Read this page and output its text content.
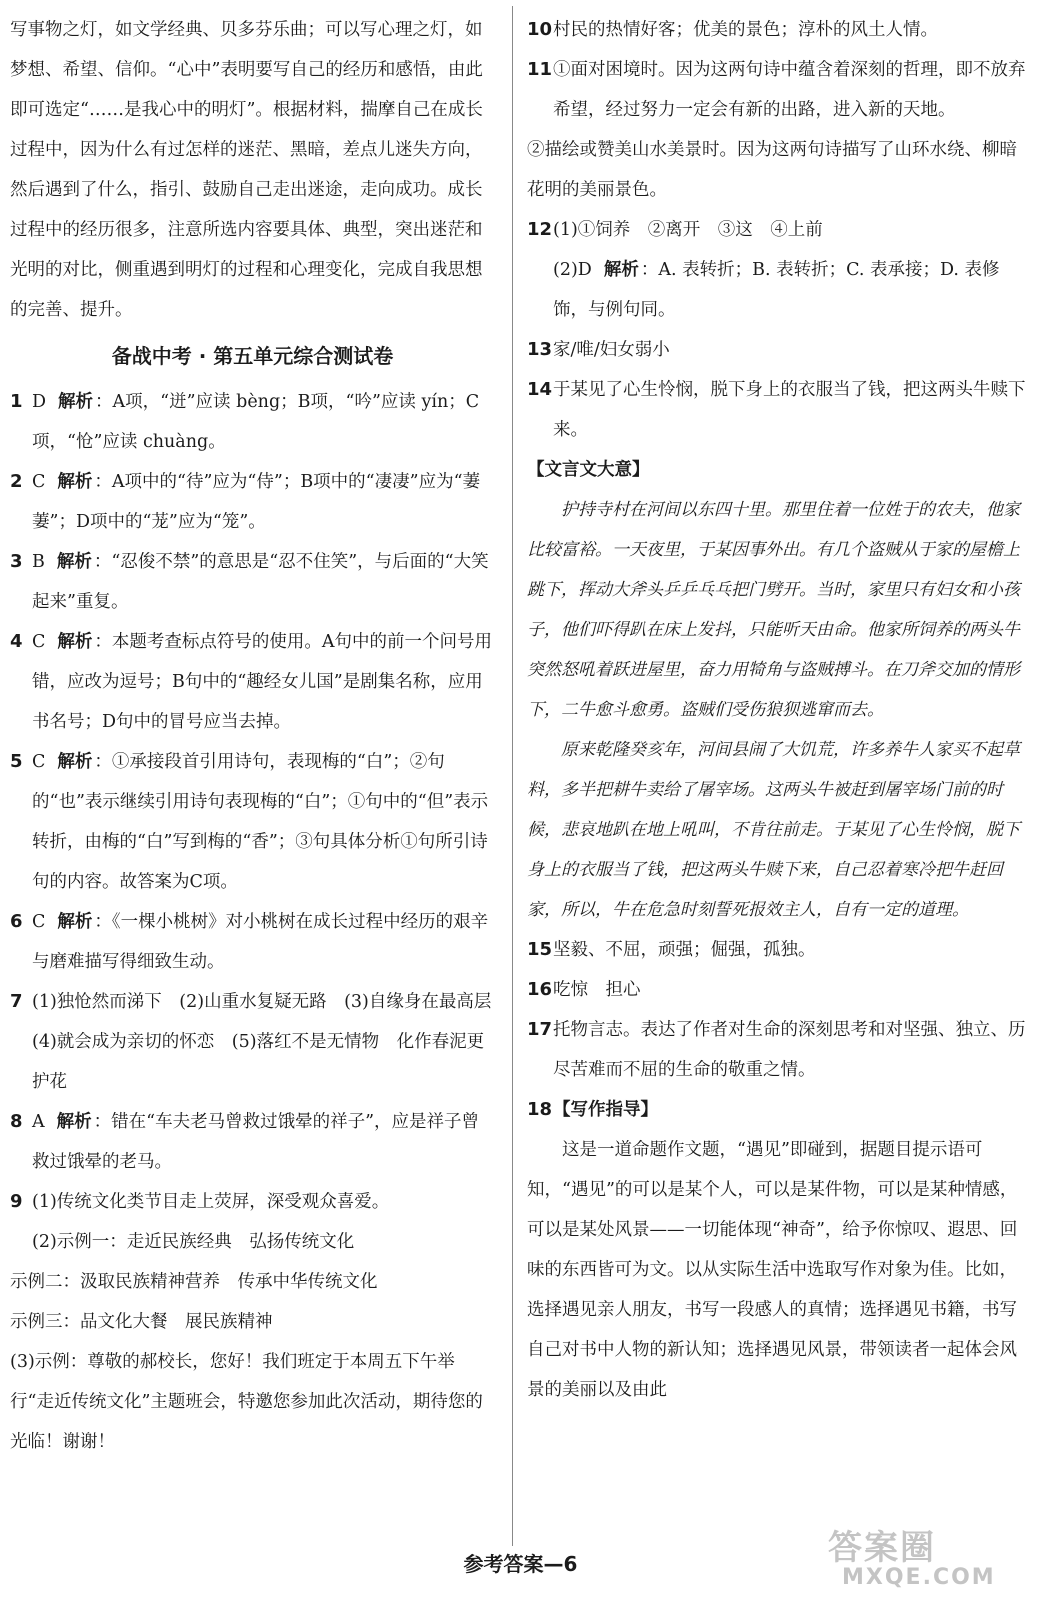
写事物之灯，如文学经典、贝多芬乐曲；可以写心理之灯，如梦想、希望、信仰。“心中”表明要写自己的经历和感悟，由此即可选定“……是我心中的明灯”。根据材料，揣摩自己在成长过程中，因为什么有过怎样的迷茫、黑暗，差点儿迷失方向，然后遇到了什么，指引、鼓励自己走出迷途，走向成功。成长过程中的经历很多，注意所选内容要具体、典型，突出迷茫和光明的对比，侧重遇到明灯的过程和心理变化，完成自我思想的完善、提升。

备战中考 · 第五单元综合测试卷
1 D 解析 ：A项，“迸”应读 bèng；B项，“吟”应读 yín；C项，“怆”应读 chuàng。
2 C 解析 ：A项中的“待”应为“侍”；B项中的“凄凄”应为“萋萋”；D项中的“茏”应为“笼”。
3 B 解析 ：“忍俊不禁”的意思是“忍不住笑”，与后面的“大笑起来”重复。
4 C 解析 ：本题考查标点符号的使用。A句中的前一个问号用错，应改为逗号；B句中的“趣经女儿国”是剧集名称，应用书名号；D句中的冒号应当去掉。
5 C 解析 ：①承接段首引用诗句，表现梅的“白”；②句的“也”表示继续引用诗句表现梅的“白”；①句中的“但”表示转折，由梅的“白”写到梅的“香”；③句具体分析①句所引诗句的内容。故答案为C项。
6 C 解析 ：《一棵小桃树》对小桃树在成长过程中经历的艰辛与磨难描写得细致生动。
7 (1)独怆然而涕下　(2)山重水复疑无路　(3)自缘身在最高层　(4)就会成为亲切的怀恋　(5)落红不是无情物　化作春泥更护花
8 A 解析 ：错在“车夫老马曾救过饿晕的祥子”，应是祥子曾救过饿晕的老马。
9 (1)传统文化类节目走上荧屏，深受观众喜爱。
(2)示例一：走近民族经典　弘扬传统文化
示例二：汲取民族精神营养　传承中华传统文化
示例三：品文化大餐　展民族精神
(3)示例：尊敬的郝校长，您好！我们班定于本周五下午举行“走近传统文化”主题班会，特邀您参加此次活动，期待您的光临！谢谢！
10 村民的热情好客；优美的景色；淳朴的风土人情。
11 ①面对困境时。因为这两句诗中蕴含着深刻的哲理，即不放弃希望，经过努力一定会有新的出路，进入新的天地。
②描绘或赞美山水美景时。因为这两句诗描写了山环水绕、柳暗花明的美丽景色。
12 (1)①饲养　②离开　③这　④上前
(2)D 解析 ：A. 表转折；B. 表转折；C. 表承接；D. 表修饰，与例句同。
13 家/唯/妇女弱小
14 于某见了心生怜悯，脱下身上的衣服当了钱，把这两头牛赎下来。

【文言文大意】

护持寺村在河间以东四十里。那里住着一位姓于的农夫，他家比较富裕。一天夜里，于某因事外出。有几个盗贼从于家的屋檐上跳下，挥动大斧头乒乒乓乓把门劈开。当时，家里只有妇女和小孩子，他们吓得趴在床上发抖，只能听天由命。他家所饲养的两头牛突然怒吼着跃进屋里，奋力用犄角与盗贼搏斗。在刀斧交加的情形下，二牛愈斗愈勇。盗贼们受伤狼狈逃窜而去。

原来乾隆癸亥年，河间县闹了大饥荒，许多养牛人家买不起草料，多半把耕牛卖给了屠宰场。这两头牛被赶到屠宰场门前的时候，悲哀地趴在地上吼叫，不肯往前走。于某见了心生怜悯，脱下身上的衣服当了钱，把这两头牛赎下来，自己忍着寒冷把牛赶回家，所以，牛在危急时刻誓死报效主人，自有一定的道理。

15 坚毅、不屈，顽强；倔强，孤独。
16 吃惊　担心
17 托物言志。表达了作者对生命的深刻思考和对坚强、独立、历尽苦难而不屈的生命的敬重之情。
18 【写作指导】

这是一道命题作文题，“遇见”即碰到，据题目提示语可知，“遇见”的可以是某个人，可以是某件物，可以是某种情感，可以是某处风景——一切能体现“神奇”，给予你惊叹、遐思、回味的东西皆可为文。以从实际生活中选取写作对象为佳。比如，选择遇见亲人朋友，书写一段感人的真情；选择遇见书籍，书写自己对书中人物的新认知；选择遇见风景，带领读者一起体会风景的美丽以及由此

参考答案—6	答案圈
MXQE.COM
